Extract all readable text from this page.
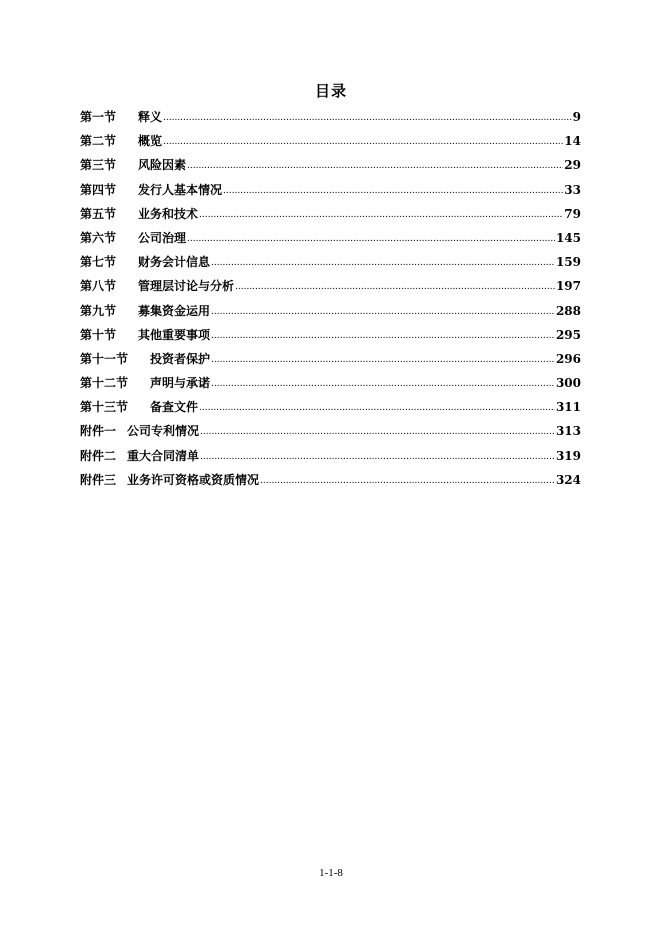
目录
第一节	释义 .....	9
第二节	概览 .....	14
第三节	风险因素 .....	29
第四节	发行人基本情况 .....	33
第五节	业务和技术 .....	79
第六节	公司治理 .....	145
第七节	财务会计信息 .....	159
第八节	管理层讨论与分析 .....	197
第九节	募集资金运用 .....	288
第十节	其他重要事项 .....	295
第十一节	投资者保护 .....	296
第十二节	声明与承诺 .....	300
第十三节	备查文件 .....	311
附件一 公司专利情况 .....	313
附件二 重大合同清单 .....	319
附件三 业务许可资格或资质情况 .....	324
1-1-8
